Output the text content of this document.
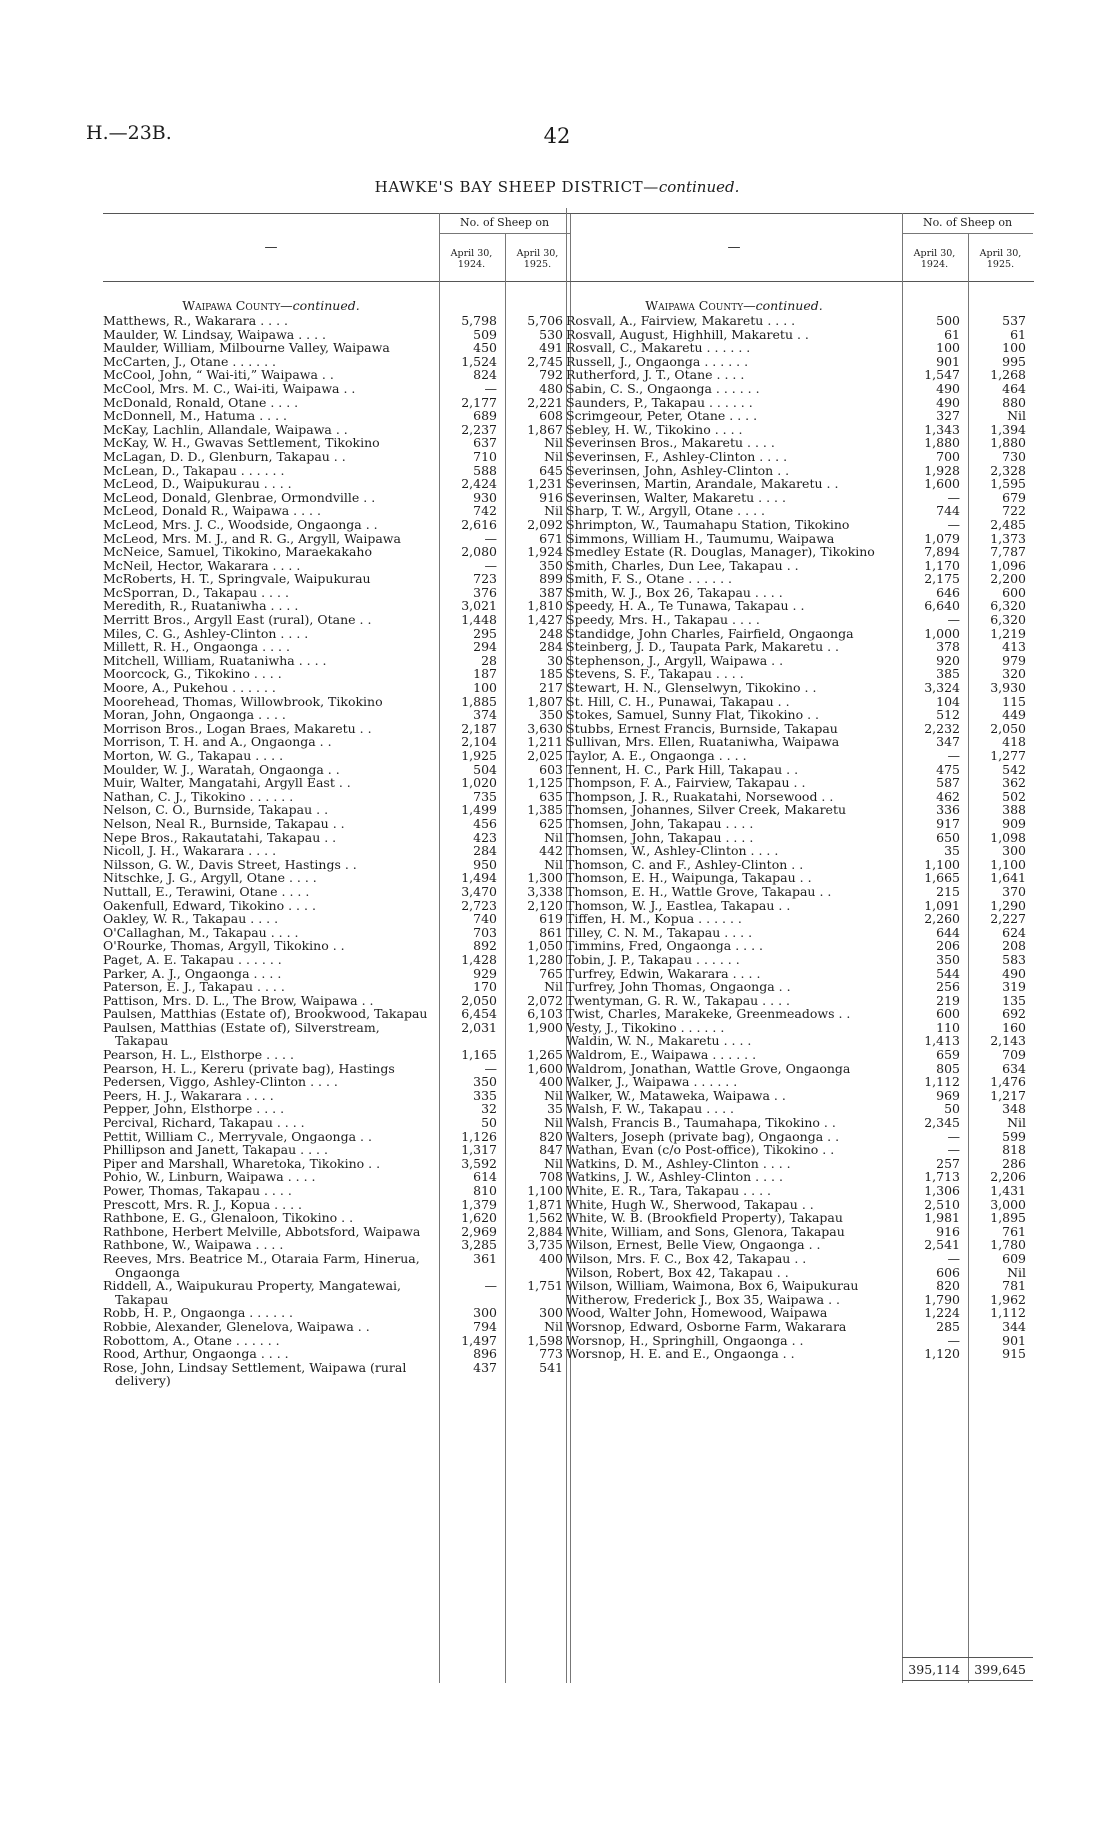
H.—23B.	42
HAWKE'S BAY SHEEP DISTRICT—continued.
—
No. of Sheep on
April 30, 1924.
April 30, 1925.
Waipawa County—continued.
Matthews, R., Wakarara . . . .	5,798	5,706
Maulder, W. Lindsay, Waipawa . . . .	509	530
Maulder, William, Milbourne Valley, Waipawa	450	491
McCarten, J., Otane . . . . . .	1,524	2,745
McCool, John, “ Wai-iti,” Waipawa . .	824	792
McCool, Mrs. M. C., Wai-iti, Waipawa . .	—	480
McDonald, Ronald, Otane . . . .	2,177	2,221
McDonnell, M., Hatuma . . . .	689	608
McKay, Lachlin, Allandale, Waipawa . .	2,237	1,867
McKay, W. H., Gwavas Settlement, Tikokino	637	Nil
McLagan, D. D., Glenburn, Takapau . .	710	Nil
McLean, D., Takapau . . . . . .	588	645
McLeod, D., Waipukurau . . . .	2,424	1,231
McLeod, Donald, Glenbrae, Ormondville . .	930	916
McLeod, Donald R., Waipawa . . . .	742	Nil
McLeod, Mrs. J. C., Woodside, Ongaonga . .	2,616	2,092
McLeod, Mrs. M. J., and R. G., Argyll, Waipawa	—	671
McNeice, Samuel, Tikokino, Maraekakaho	2,080	1,924
McNeil, Hector, Wakarara . . . .	—	350
McRoberts, H. T., Springvale, Waipukurau	723	899
McSporran, D., Takapau . . . .	376	387
Meredith, R., Ruataniwha . . . .	3,021	1,810
Merritt Bros., Argyll East (rural), Otane . .	1,448	1,427
Miles, C. G., Ashley-Clinton . . . .	295	248
Millett, R. H., Ongaonga . . . .	294	284
Mitchell, William, Ruataniwha . . . .	28	30
Moorcock, G., Tikokino . . . .	187	185
Moore, A., Pukehou . . . . . .	100	217
Moorehead, Thomas, Willowbrook, Tikokino	1,885	1,807
Moran, John, Ongaonga . . . .	374	350
Morrison Bros., Logan Braes, Makaretu . .	2,187	3,630
Morrison, T. H. and A., Ongaonga . .	2,104	1,211
Morton, W. G., Takapau . . . .	1,925	2,025
Moulder, W. J., Waratah, Ongaonga . .	504	603
Muir, Walter, Mangatahi, Argyll East . .	1,020	1,125
Nathan, C. J., Tikokino . . . . . .	735	635
Nelson, C. O., Burnside, Takapau . .	1,499	1,385
Nelson, Neal R., Burnside, Takapau . .	456	625
Nepe Bros., Rakautatahi, Takapau . .	423	Nil
Nicoll, J. H., Wakarara . . . .	284	442
Nilsson, G. W., Davis Street, Hastings . .	950	Nil
Nitschke, J. G., Argyll, Otane . . . .	1,494	1,300
Nuttall, E., Terawini, Otane . . . .	3,470	3,338
Oakenfull, Edward, Tikokino . . . .	2,723	2,120
Oakley, W. R., Takapau . . . .	740	619
O'Callaghan, M., Takapau . . . .	703	861
O'Rourke, Thomas, Argyll, Tikokino . .	892	1,050
Paget, A. E. Takapau . . . . . .	1,428	1,280
Parker, A. J., Ongaonga . . . .	929	765
Paterson, E. J., Takapau . . . .	170	Nil
Pattison, Mrs. D. L., The Brow, Waipawa . .	2,050	2,072
Paulsen, Matthias (Estate of), Brookwood, Takapau	6,454	6,103
Paulsen, Matthias (Estate of), Silverstream, Takapau
2,031	1,900
Pearson, H. L., Elsthorpe . . . .	1,165	1,265
Pearson, H. L., Kereru (private bag), Hastings	—	1,600
Pedersen, Viggo, Ashley-Clinton . . . .	350	400
Peers, H. J., Wakarara . . . .	335	Nil
Pepper, John, Elsthorpe . . . .	32	35
Percival, Richard, Takapau . . . .	50	Nil
Pettit, William C., Merryvale, Ongaonga . .	1,126	820
Phillipson and Janett, Takapau . . . .	1,317	847
Piper and Marshall, Wharetoka, Tikokino . .	3,592	Nil
Pohio, W., Linburn, Waipawa . . . .	614	708
Power, Thomas, Takapau . . . .	810	1,100
Prescott, Mrs. R. J., Kopua . . . .	1,379	1,871
Rathbone, E. G., Glenaloon, Tikokino . .	1,620	1,562
Rathbone, Herbert Melville, Abbotsford, Waipawa	2,969	2,884
Rathbone, W., Waipawa . . . .	3,285	3,735
Reeves, Mrs. Beatrice M., Otaraia Farm, Hinerua, Ongaonga
361	400
Riddell, A., Waipukurau Property, Mangatewai, Takapau
—	1,751
Robb, H. P., Ongaonga . . . . . .	300	300
Robbie, Alexander, Glenelova, Waipawa . .	794	Nil
Robottom, A., Otane . . . . . .	1,497	1,598
Rood, Arthur, Ongaonga . . . .	896	773
Rose, John, Lindsay Settlement, Waipawa (rural delivery)
437	541
—
No. of Sheep on
April 30, 1924.
April 30, 1925.
Waipawa County—continued.
Rosvall, A., Fairview, Makaretu . . . .	500	537
Rosvall, August, Highhill, Makaretu . .	61	61
Rosvall, C., Makaretu . . . . . .	100	100
Russell, J., Ongaonga . . . . . .	901	995
Rutherford, J. T., Otane . . . .	1,547	1,268
Sabin, C. S., Ongaonga . . . . . .	490	464
Saunders, P., Takapau . . . . . .	490	880
Scrimgeour, Peter, Otane . . . .	327	Nil
Sebley, H. W., Tikokino . . . .	1,343	1,394
Severinsen Bros., Makaretu . . . .	1,880	1,880
Severinsen, F., Ashley-Clinton . . . .	700	730
Severinsen, John, Ashley-Clinton . .	1,928	2,328
Severinsen, Martin, Arandale, Makaretu . .	1,600	1,595
Severinsen, Walter, Makaretu . . . .	—	679
Sharp, T. W., Argyll, Otane . . . .	744	722
Shrimpton, W., Taumahapu Station, Tikokino	—	2,485
Simmons, William H., Taumumu, Waipawa	1,079	1,373
Smedley Estate (R. Douglas, Manager), Tikokino	7,894	7,787
Smith, Charles, Dun Lee, Takapau . .	1,170	1,096
Smith, F. S., Otane . . . . . .	2,175	2,200
Smith, W. J., Box 26, Takapau . . . .	646	600
Speedy, H. A., Te Tunawa, Takapau . .	6,640	6,320
Speedy, Mrs. H., Takapau . . . .	—	6,320
Standidge, John Charles, Fairfield, Ongaonga	1,000	1,219
Steinberg, J. D., Taupata Park, Makaretu . .	378	413
Stephenson, J., Argyll, Waipawa . .	920	979
Stevens, S. F., Takapau . . . .	385	320
Stewart, H. N., Glenselwyn, Tikokino . .	3,324	3,930
St. Hill, C. H., Punawai, Takapau . .	104	115
Stokes, Samuel, Sunny Flat, Tikokino . .	512	449
Stubbs, Ernest Francis, Burnside, Takapau	2,232	2,050
Sullivan, Mrs. Ellen, Ruataniwha, Waipawa	347	418
Taylor, A. E., Ongaonga . . . .	—	1,277
Tennent, H. C., Park Hill, Takapau . .	475	542
Thompson, F. A., Fairview, Takapau . .	587	362
Thompson, J. R., Ruakatahi, Norsewood . .	462	502
Thomsen, Johannes, Silver Creek, Makaretu	336	388
Thomsen, John, Takapau . . . .	917	909
Thomsen, John, Takapau . . . .	650	1,098
Thomsen, W., Ashley-Clinton . . . .	35	300
Thomson, C. and F., Ashley-Clinton . .	1,100	1,100
Thomson, E. H., Waipunga, Takapau . .	1,665	1,641
Thomson, E. H., Wattle Grove, Takapau . .	215	370
Thomson, W. J., Eastlea, Takapau . .	1,091	1,290
Tiffen, H. M., Kopua . . . . . .	2,260	2,227
Tilley, C. N. M., Takapau . . . .	644	624
Timmins, Fred, Ongaonga . . . .	206	208
Tobin, J. P., Takapau . . . . . .	350	583
Turfrey, Edwin, Wakarara . . . .	544	490
Turfrey, John Thomas, Ongaonga . .	256	319
Twentyman, G. R. W., Takapau . . . .	219	135
Twist, Charles, Marakeke, Greenmeadows . .	600	692
Vesty, J., Tikokino . . . . . .	110	160
Waldin, W. N., Makaretu . . . .	1,413	2,143
Waldrom, E., Waipawa . . . . . .	659	709
Waldrom, Jonathan, Wattle Grove, Ongaonga	805	634
Walker, J., Waipawa . . . . . .	1,112	1,476
Walker, W., Mataweka, Waipawa . .	969	1,217
Walsh, F. W., Takapau . . . .	50	348
Walsh, Francis B., Taumahapa, Tikokino . .	2,345	Nil
Walters, Joseph (private bag), Ongaonga . .	—	599
Wathan, Evan (c/o Post-office), Tikokino . .	—	818
Watkins, D. M., Ashley-Clinton . . . .	257	286
Watkins, J. W., Ashley-Clinton . . . .	1,713	2,206
White, E. R., Tara, Takapau . . . .	1,306	1,431
White, Hugh W., Sherwood, Takapau . .	2,510	3,000
White, W. B. (Brookfield Property), Takapau	1,981	1,895
White, William, and Sons, Glenora, Takapau	916	761
Wilson, Ernest, Belle View, Ongaonga . .	2,541	1,780
Wilson, Mrs. F. C., Box 42, Takapau . .	—	609
Wilson, Robert, Box 42, Takapau . .	606	Nil
Wilson, William, Waimona, Box 6, Waipukurau	820	781
Witherow, Frederick J., Box 35, Waipawa . .	1,790	1,962
Wood, Walter John, Homewood, Waipawa	1,224	1,112
Worsnop, Edward, Osborne Farm, Wakarara	285	344
Worsnop, H., Springhill, Ongaonga . .	—	901
Worsnop, H. E. and E., Ongaonga . .	1,120	915
395,114	399,645
